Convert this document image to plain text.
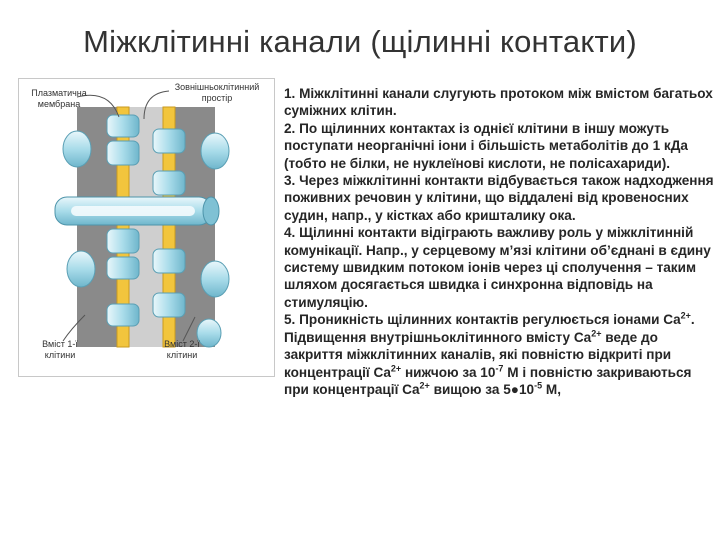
Міжклітинні канали (щілинні контакти)
Плазматична мембрана
Зовнішньоклітинний простір
Вміст 1-ї клітини
Вміст 2-ї клітини

1. Міжклітинні канали слугують протоком між вмістом багатьох суміжних клітин.

2. По щілинних контактах із однієї клітини в іншу можуть поступати неорганічні іони і більшість метаболітів до 1 кДа (тобто не білки, не нуклеїнові кислоти, не полісахариди).

3. Через міжклітинні контакти відбувається також надходження поживних речовин у клітини, що віддалені від кровеносних судин, напр., у кістках або кришталику ока.

4. Щілинні контакти відіграють важливу роль у міжклітинній комунікації. Напр., у серцевому м’язі клітини об’єднані в єдину систему швидким потоком іонів через ці сполучення – таким шляхом досягається швидка і синхронна відповідь на стимуляцію.

5. Проникність щілинних контактів регулюється іонами $Ca^{2+}$. Підвищення внутрішньоклітинного вмісту $Ca^{2+}$ веде до закриття міжклітинних каналів, які повністю відкриті при концентрації $Ca^{2+}$ нижчою за $10^{-7}$ М і повністю закриваються при концентрації $Ca^{2+}$ вищою за $5●10^{-5}$ М,
